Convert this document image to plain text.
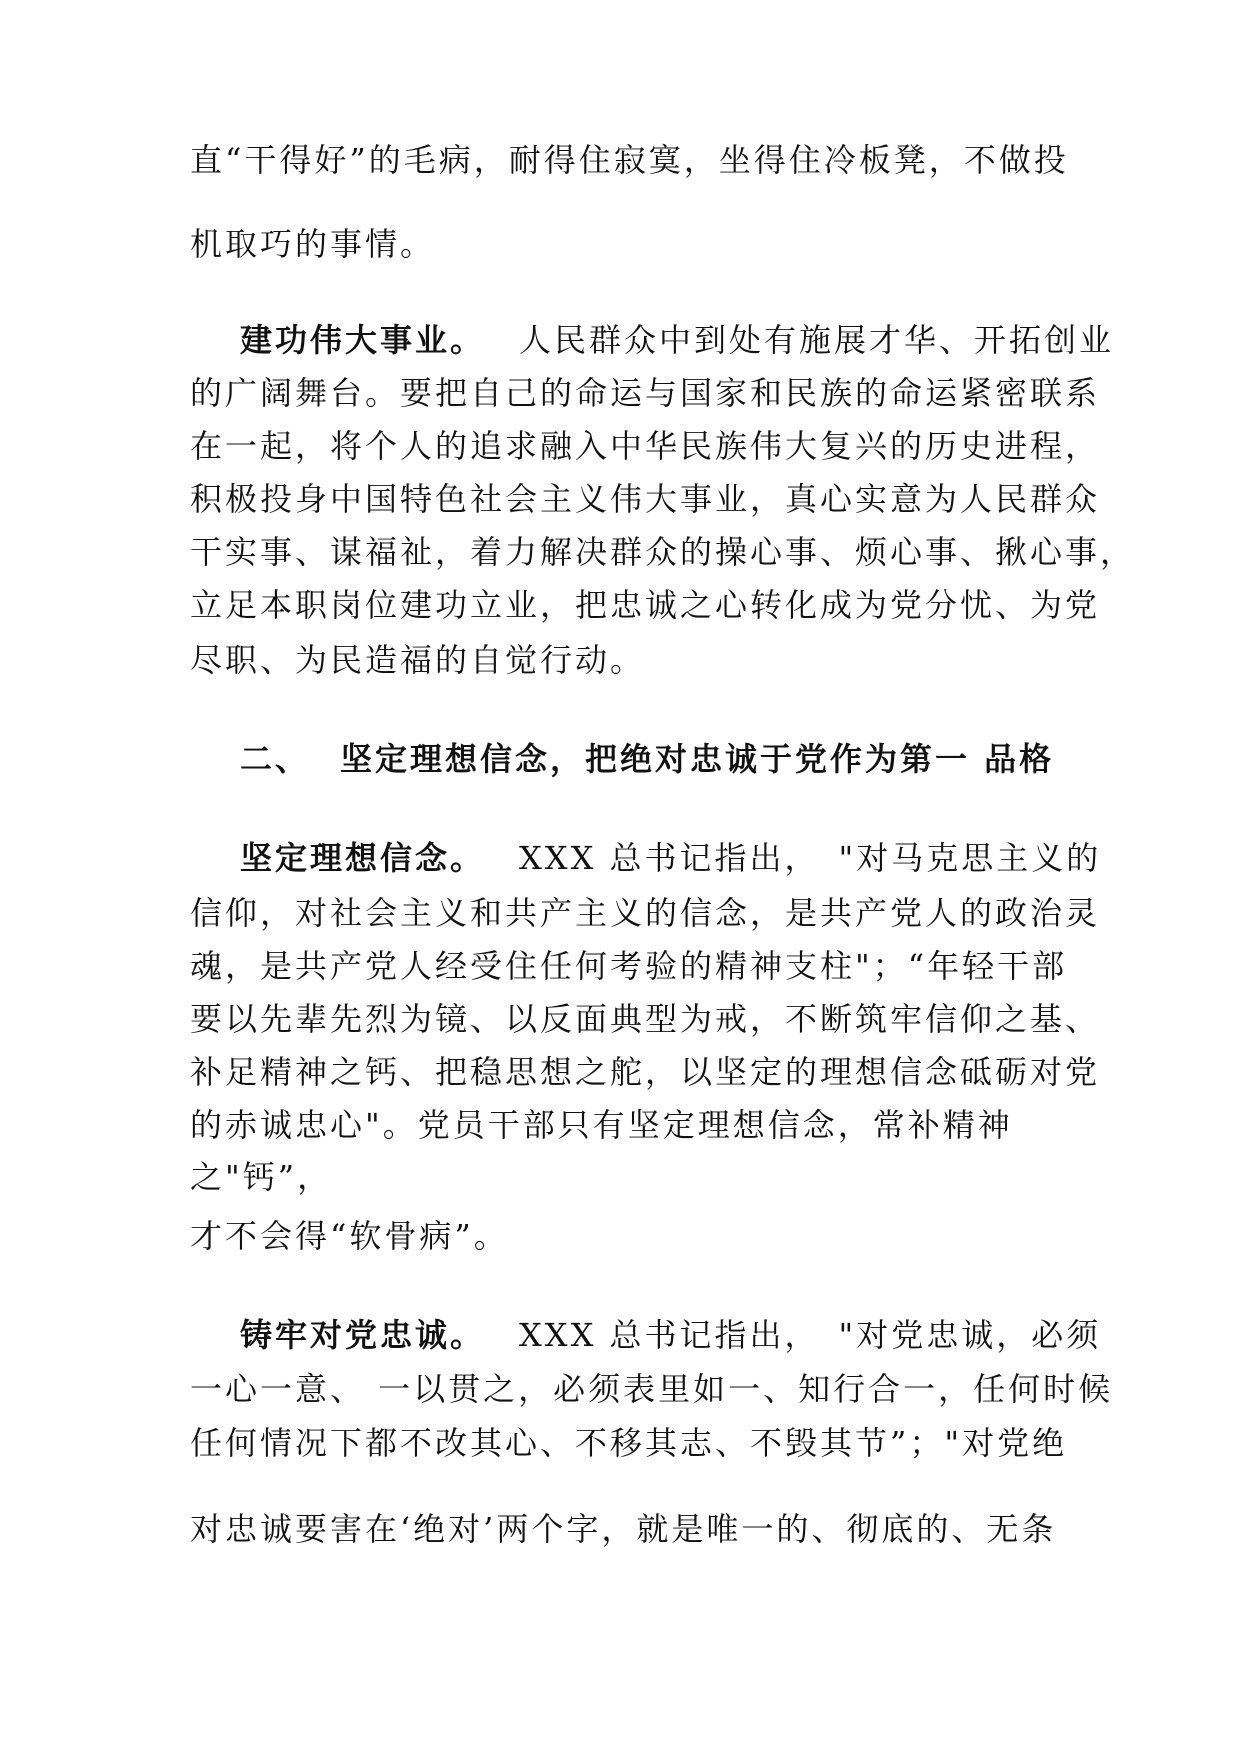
直“干得好”的毛病，耐得住寂寞，坐得住冷板凳，不做投
机取巧的事情。
建功伟大事业。 人民群众中到处有施展才华、开拓创业
的广阔舞台。要把自己的命运与国家和民族的命运紧密联系
在一起，将个人的追求融入中华民族伟大复兴的历史进程，
积极投身中国特色社会主义伟大事业，真心实意为人民群众
干实事、谋福祉，着力解决群众的操心事、烦心事、揪心事，
立足本职岗位建功立业，把忠诚之心转化成为党分忧、为党
尽职、为民造福的自觉行动。
二、 坚定理想信念，把绝对忠诚于党作为第一 品格
坚定理想信念。 XXX 总书记指出，　"对马克思主义的
信仰，对社会主义和共产主义的信念，是共产党人的政治灵
魂，是共产党人经受住任何考验的精神支柱"；“年轻干部
要以先辈先烈为镜、以反面典型为戒，不断筑牢信仰之基、
补足精神之钙、把稳思想之舵，以坚定的理想信念砥砺对党
的赤诚忠心"。党员干部只有坚定理想信念，常补精神
之"钙”，
才不会得“软骨病”。
铸牢对党忠诚。 XXX 总书记指出，　"对党忠诚，必须
一心一意、 一以贯之，必须表里如一、知行合一，任何时候
任何情况下都不改其心、不移其志、不毁其节”；"对党绝
对忠诚要害在‘绝对’两个字，就是唯一的、彻底的、无条
